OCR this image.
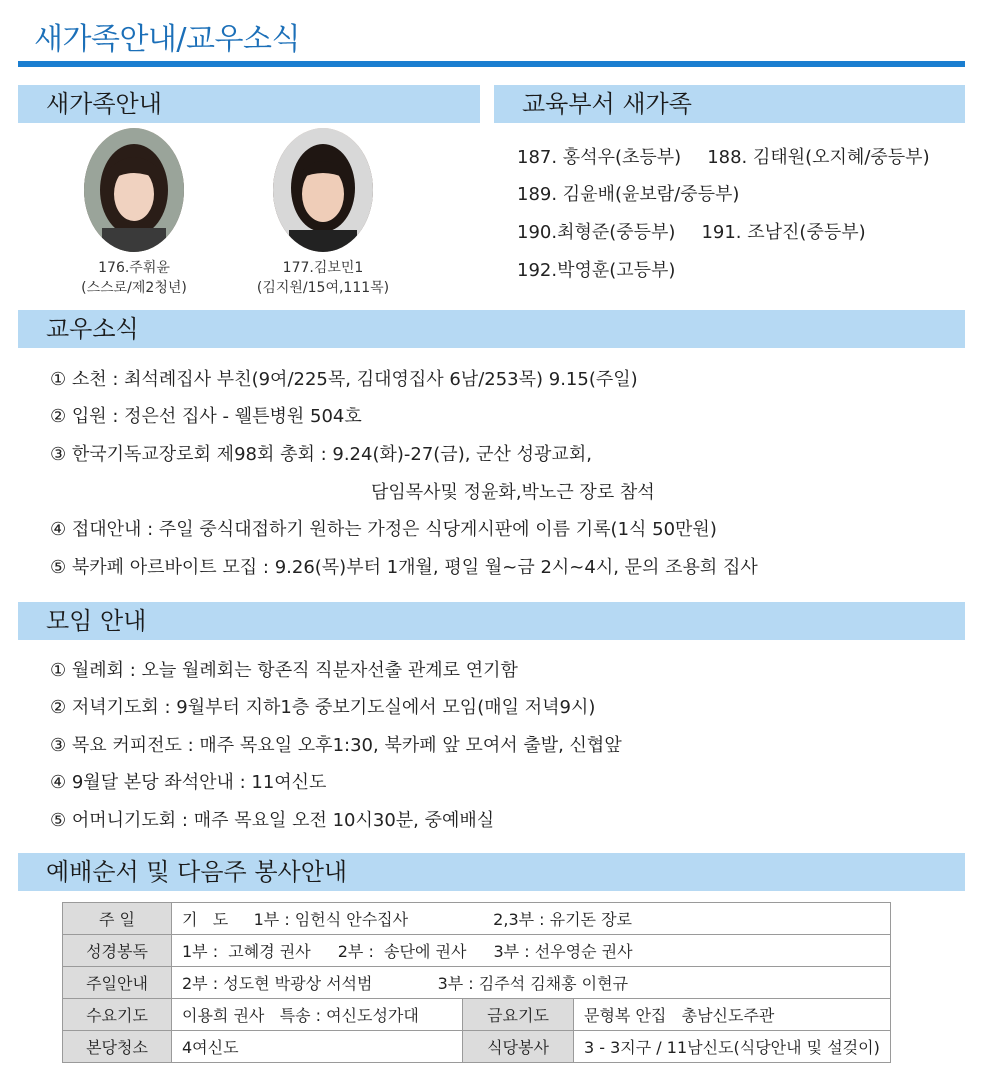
새가족안내/교우소식
새가족안내	교육부서 새가족
176.주휘윤
(스스로/제2청년)
177.김보민1
(김지원/15여,111목)
187. 홍석우(초등부) 188. 김태원(오지혜/중등부)
189. 김윤배(윤보람/중등부)
190.최형준(중등부) 191. 조남진(중등부)
192.박영훈(고등부)
교우소식
① 소천 : 최석례집사 부친(9여/225목, 김대영집사 6남/253목) 9.15(주일)
② 입원 : 정은선 집사 - 웰튼병원 504호
③ 한국기독교장로회 제98회 총회 : 9.24(화)-27(금), 군산 성광교회,
담임목사및 정윤화,박노근 장로 참석
④ 접대안내 : 주일 중식대접하기 원하는 가정은 식당게시판에 이름 기록(1식 50만원)
⑤ 북카페 아르바이트 모집 : 9.26(목)부터 1개월, 평일 월~금 2시~4시, 문의 조용희 집사
모임 안내
① 월례회 : 오늘 월례회는 항존직 직분자선출 관계로 연기함
② 저녁기도회 : 9월부터 지하1층 중보기도실에서 모임(매일 저녁9시)
③ 목요 커피전도 : 매주 목요일 오후1:30, 북카페 앞 모여서 출발, 신협앞
④ 9월달 본당 좌석안내 : 11여신도
⑤ 어머니기도회 : 매주 목요일 오전 10시30분, 중예배실
예배순서 및 다음주 봉사안내
주 일	기   도     1부 : 임헌식 안수집사 2,3부 : 유기돈 장로		
성경봉독	1부 :  고혜경 권사 2부 :  송단에 권사 3부 : 선우영순 권사		
주일안내	2부 : 성도현 박광상 서석범 3부 : 김주석 김채홍 이현규		
수요기도	이용희 권사   특송 : 여신도성가대	금요기도	문형복 안집   총남신도주관
본당청소	4여신도	식당봉사	3 - 3지구 / 11남신도(식당안내 및 설겆이)
